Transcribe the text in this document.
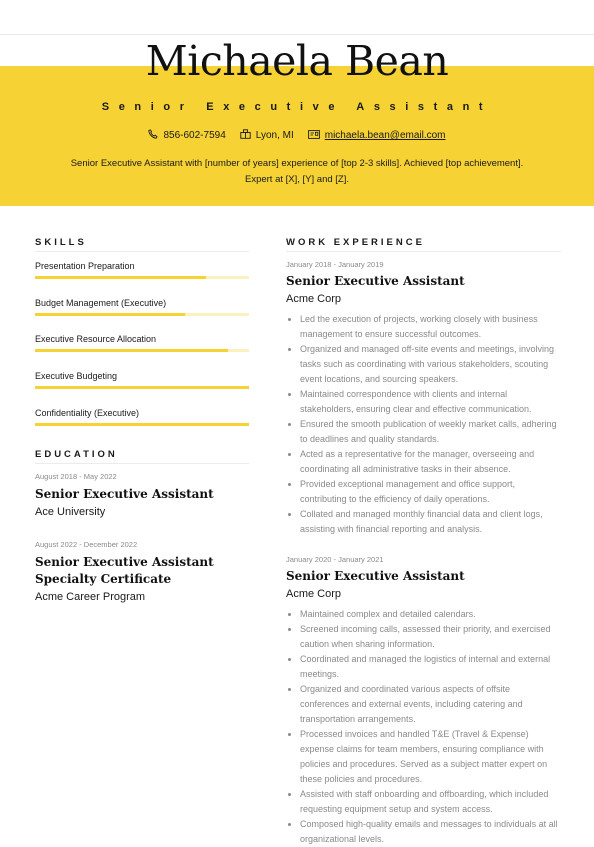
Michaela Bean
Senior Executive Assistant
856-602-7594	Lyon, MI	michaela.bean@email.com
Senior Executive Assistant with [number of years] experience of [top 2-3 skills]. Achieved [top achievement]. Expert at [X], [Y] and [Z].
SKILLS
Presentation Preparation
Budget Management (Executive)
Executive Resource Allocation
Executive Budgeting
Confidentiality (Executive)
EDUCATION
August 2018 - May 2022
Senior Executive Assistant
Ace University
August 2022 - December 2022
Senior Executive Assistant Specialty Certificate
Acme Career Program
WORK EXPERIENCE
January 2018 - January 2019
Senior Executive Assistant
Acme Corp
• Led the execution of projects, working closely with business management to ensure successful outcomes.
• Organized and managed off-site events and meetings, involving tasks such as coordinating with various stakeholders, scouting event locations, and sourcing speakers.
• Maintained correspondence with clients and internal stakeholders, ensuring clear and effective communication.
• Ensured the smooth publication of weekly market calls, adhering to deadlines and quality standards.
• Acted as a representative for the manager, overseeing and coordinating all administrative tasks in their absence.
• Provided exceptional management and office support, contributing to the efficiency of daily operations.
• Collated and managed monthly financial data and client logs, assisting with financial reporting and analysis.
January 2020 - January 2021
Senior Executive Assistant
Acme Corp
• Maintained complex and detailed calendars.
• Screened incoming calls, assessed their priority, and exercised caution when sharing information.
• Coordinated and managed the logistics of internal and external meetings.
• Organized and coordinated various aspects of offsite conferences and external events, including catering and transportation arrangements.
• Processed invoices and handled T&E (Travel & Expense) expense claims for team members, ensuring compliance with policies and procedures. Served as a subject matter expert on these policies and procedures.
• Assisted with staff onboarding and offboarding, which included requesting equipment setup and system access.
• Composed high-quality emails and messages to individuals at all organizational levels.
